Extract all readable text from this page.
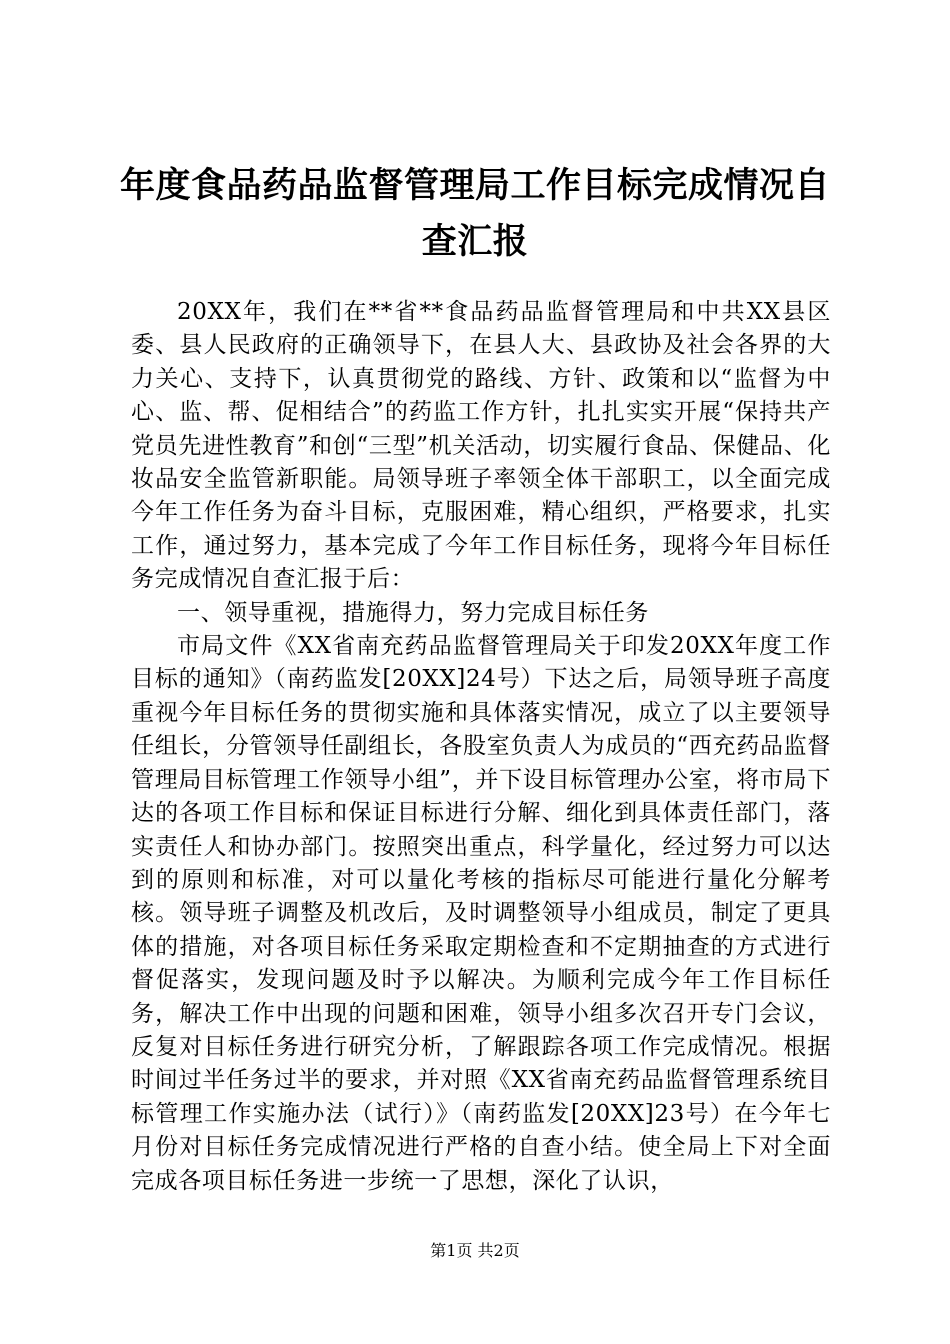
年度食品药品监督管理局工作目标完成情况自查汇报

20XX年，我们在**省**食品药品监督管理局和中共XX县区委、县人民政府的正确领导下，在县人大、县政协及社会各界的大力关心、支持下，认真贯彻党的路线、方针、政策和以“监督为中心、监、帮、促相结合”的药监工作方针，扎扎实实开展“保持共产党员先进性教育”和创“三型”机关活动，切实履行食品、保健品、化妆品安全监管新职能。局领导班子率领全体干部职工，以全面完成今年工作任务为奋斗目标，克服困难，精心组织，严格要求，扎实工作，通过努力，基本完成了今年工作目标任务，现将今年目标任务完成情况自查汇报于后：

一、领导重视，措施得力，努力完成目标任务

市局文件《XX省南充药品监督管理局关于印发20XX年度工作目标的通知》（南药监发[20XX]24号）下达之后，局领导班子高度重视今年目标任务的贯彻实施和具体落实情况，成立了以主要领导任组长，分管领导任副组长，各股室负责人为成员的“西充药品监督管理局目标管理工作领导小组”，并下设目标管理办公室，将市局下达的各项工作目标和保证目标进行分解、细化到具体责任部门，落实责任人和协办部门。按照突出重点，科学量化，经过努力可以达到的原则和标准，对可以量化考核的指标尽可能进行量化分解考核。领导班子调整及机改后，及时调整领导小组成员，制定了更具体的措施，对各项目标任务采取定期检查和不定期抽查的方式进行督促落实，发现问题及时予以解决。为顺利完成今年工作目标任务，解决工作中出现的问题和困难，领导小组多次召开专门会议，反复对目标任务进行研究分析，了解跟踪各项工作完成情况。根据时间过半任务过半的要求，并对照《XX省南充药品监督管理系统目标管理工作实施办法（试行）》（南药监发[20XX]23号）在今年七月份对目标任务完成情况进行严格的自查小结。使全局上下对全面完成各项目标任务进一步统一了思想，深化了认识，

第1页 共2页
